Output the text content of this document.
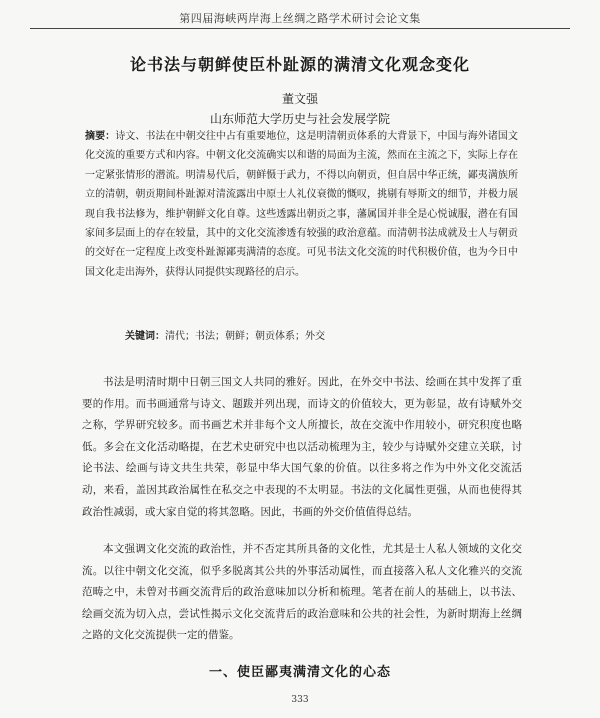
第四届海峡两岸海上丝绸之路学术研讨会论文集
论书法与朝鲜使臣朴趾源的满清文化观念变化
董文强
山东师范大学历史与社会发展学院

摘要：诗文、书法在中朝交往中占有重要地位，这是明清朝贡体系的大背景下，中国与海外诸国文化交流的重要方式和内容。中朝文化交流确实以和谐的局面为主流，然而在主流之下，实际上存在一定紧张情形的潜流。明清易代后，朝鲜慑于武力，不得以向朝贡，但自居中华正统，鄙夷满族所立的清朝，朝贡期间朴趾源对清流露出中原士人礼仪衰微的慨叹，挑剔有辱斯文的细节，并极力展现自我书法修为，维护朝鲜文化自尊。这些透露出朝贡之事，藩属国并非全是心悦诚服，潜在有国家间多层面上的存在较量，其中的文化交流渗透有较强的政治意蕴。而清朝书法成就及士人与朝贡的交好在一定程度上改变朴趾源鄙夷满清的态度。可见书法文化交流的时代积极价值，也为今日中国文化走出海外，获得认同提供实现路径的启示。

关键词：清代；书法；朝鲜；朝贡体系；外交

书法是明清时期中日朝三国文人共同的雅好。因此，在外交中书法、绘画在其中发挥了重要的作用。而书画通常与诗文、题跋并列出现，而诗文的价值较大，更为彰显，故有诗赋外交之称，学界研究较多。而书画艺术并非每个文人所擅长，故在交流中作用较小，研究积度也略低。多会在文化活动略提，在艺术史研究中也以活动梳理为主，较少与诗赋外交建立关联，讨论书法、绘画与诗文共生共荣，彰显中华大国气象的价值。以往多将之作为中外文化交流活动，来看，盖因其政治属性在私交之中表现的不太明显。书法的文化属性更强，从而也使得其政治性减弱，或大家自觉的将其忽略。因此，书画的外交价值值得总结。

本文强调文化交流的政治性，并不否定其所具备的文化性，尤其是士人私人领域的文化交流。以往中朝文化交流，似乎多脱离其公共的外事活动属性，而直接落入私人文化雅兴的交流范畴之中，未曾对书画交流背后的政治意味加以分析和梳理。笔者在前人的基础上，以书法、绘画交流为切入点，尝试性揭示文化交流背后的政治意味和公共的社会性，为新时期海上丝绸之路的文化交流提供一定的借鉴。

一、使臣鄙夷满清文化的心态
333
